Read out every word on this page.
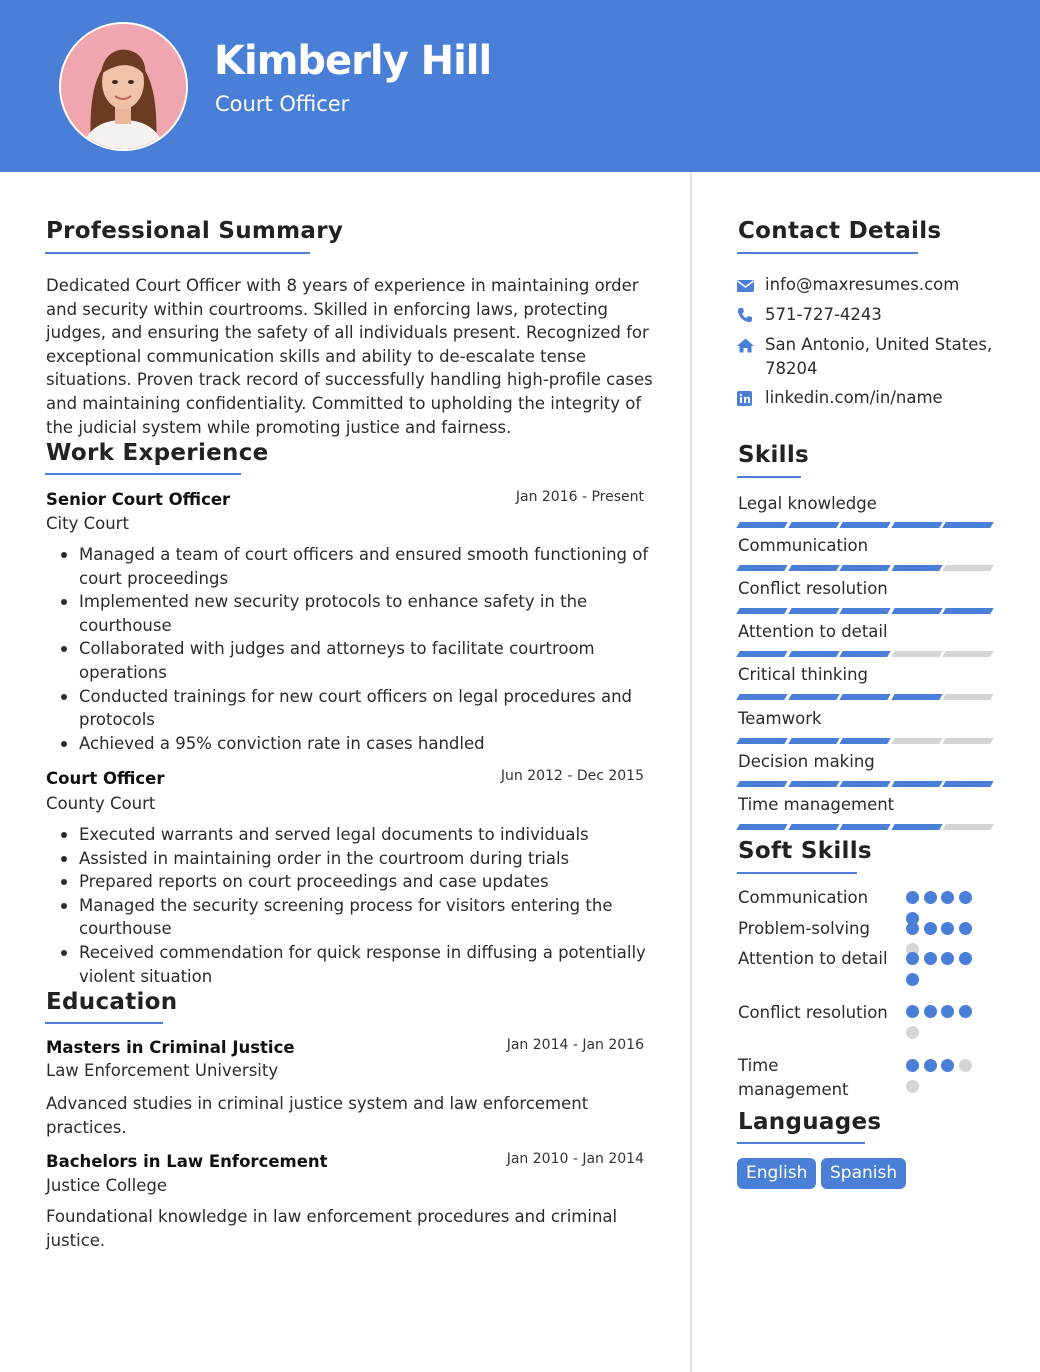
Kimberly Hill
Court Officer
Professional Summary
Dedicated Court Officer with 8 years of experience in maintaining order and security within courtrooms. Skilled in enforcing laws, protecting judges, and ensuring the safety of all individuals present. Recognized for exceptional communication skills and ability to de-escalate tense situations. Proven track record of successfully handling high-profile cases and maintaining confidentiality. Committed to upholding the integrity of the judicial system while promoting justice and fairness.
Work Experience
Senior Court Officer	Jan 2016 - Present
City Court
Managed a team of court officers and ensured smooth functioning of court proceedings
Implemented new security protocols to enhance safety in the courthouse
Collaborated with judges and attorneys to facilitate courtroom operations
Conducted trainings for new court officers on legal procedures and protocols
Achieved a 95% conviction rate in cases handled
Court Officer	Jun 2012 - Dec 2015
County Court
Executed warrants and served legal documents to individuals
Assisted in maintaining order in the courtroom during trials
Prepared reports on court proceedings and case updates
Managed the security screening process for visitors entering the courthouse
Received commendation for quick response in diffusing a potentially violent situation
Education
Masters in Criminal Justice	Jan 2014 - Jan 2016
Law Enforcement University
Advanced studies in criminal justice system and law enforcement practices.
Bachelors in Law Enforcement	Jan 2010 - Jan 2014
Justice College
Foundational knowledge in law enforcement procedures and criminal justice.
Contact Details
info@maxresumes.com
571-727-4243
San Antonio, United States, 78204
linkedin.com/in/name
Skills
Legal knowledge
Communication
Conflict resolution
Attention to detail
Critical thinking
Teamwork
Decision making
Time management
Soft Skills
Communication
Problem-solving
Attention to detail
Conflict resolution
Time management
Languages
English	Spanish
